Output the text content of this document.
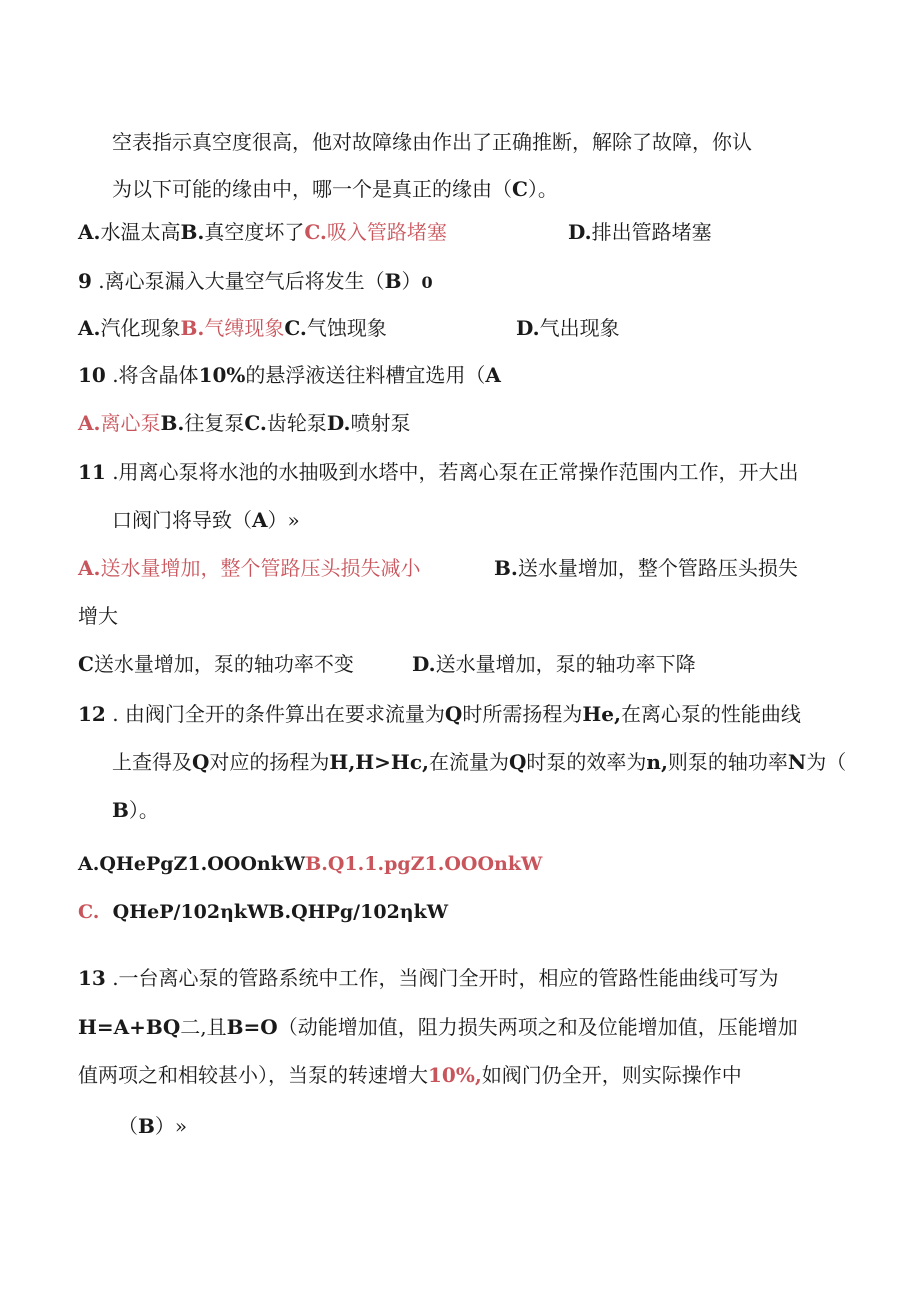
空表指示真空度很高，他对故障缘由作出了正确推断，解除了故障，你认
为以下可能的缘由中，哪一个是真正的缘由（C）。
A.水温太高B.真空度坏了C.吸入管路堵塞	D.排出管路堵塞
9 .离心泵漏入大量空气后将发生（B）0
A.汽化现象B.气缚现象C.气蚀现象	D.气出现象
10 .将含晶体10%的悬浮液送往料槽宜选用（A
A.离心泵B.往复泵C.齿轮泵D.喷射泵
11 .用离心泵将水池的水抽吸到水塔中，若离心泵在正常操作范围内工作，开大出
口阀门将导致（A）»
A.送水量增加，整个管路压头损失减小	B.送水量增加，整个管路压头损失
增大
C送水量增加，泵的轴功率不变	D.送水量增加，泵的轴功率下降
12 . 由阀门全开的条件算出在要求流量为Q时所需扬程为He,在离心泵的性能曲线
上查得及Q对应的扬程为H,H>Hc,在流量为Q时泵的效率为n,则泵的轴功率N为（
B）。
A.QHePgZ1.OOOnkWB.Q1.1.pgZ1.OOOnkW
C. QHeP/102ηkWB.QHPg/102ηkW
13 .一台离心泵的管路系统中工作，当阀门全开时，相应的管路性能曲线可写为
H=A+BQ二,且B=O（动能增加值，阻力损失两项之和及位能增加值，压能增加
值两项之和相较甚小），当泵的转速增大10%,如阀门仍全开，则实际操作中
（B）»
